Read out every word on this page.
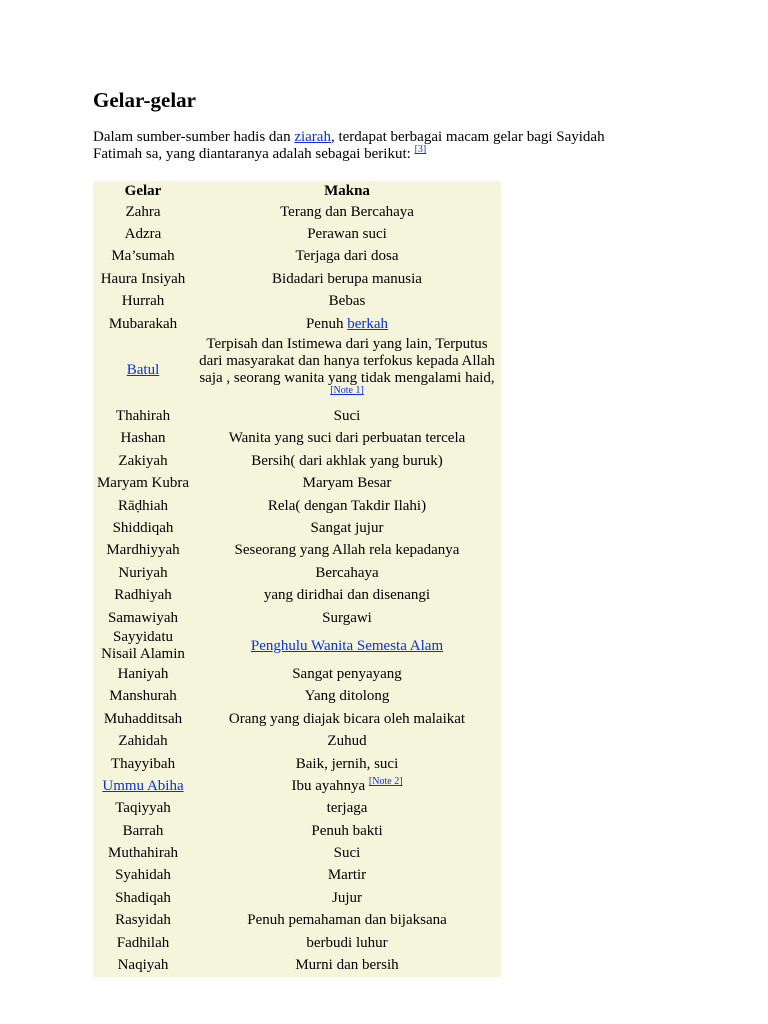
Gelar-gelar

Dalam sumber-sumber hadis dan ziarah, terdapat berbagai macam gelar bagi Sayidah Fatimah sa, yang diantaranya adalah sebagai berikut: [3]

Gelar	Makna
Zahra	Terang dan Bercahaya
Adzra	Perawan suci
Ma’sumah	Terjaga dari dosa
Haura Insiyah	Bidadari berupa manusia
Hurrah	Bebas
Mubarakah	Penuh berkah
Batul	Terpisah dan Istimewa dari yang lain, Terputus dari masyarakat dan hanya terfokus kepada Allah saja , seorang wanita yang tidak mengalami haid,[Note 1]
Thahirah	Suci
Hashan	Wanita yang suci dari perbuatan tercela
Zakiyah	Bersih( dari akhlak yang buruk)
Maryam Kubra	Maryam Besar
Rāḍhiah	Rela( dengan Takdir Ilahi)
Shiddiqah	Sangat jujur
Mardhiyyah	Seseorang yang Allah rela kepadanya
Nuriyah	Bercahaya
Radhiyah	yang diridhai dan disenangi
Samawiyah	Surgawi
Sayyidatu Nisail Alamin	Penghulu Wanita Semesta Alam
Haniyah	Sangat penyayang
Manshurah	Yang ditolong
Muhadditsah	Orang yang diajak bicara oleh malaikat
Zahidah	Zuhud
Thayyibah	Baik, jernih, suci
Ummu Abiha	Ibu ayahnya [Note 2]
Taqiyyah	terjaga
Barrah	Penuh bakti
Muthahirah	Suci
Syahidah	Martir
Shadiqah	Jujur
Rasyidah	Penuh pemahaman dan bijaksana
Fadhilah	berbudi luhur
Naqiyah	Murni dan bersih
